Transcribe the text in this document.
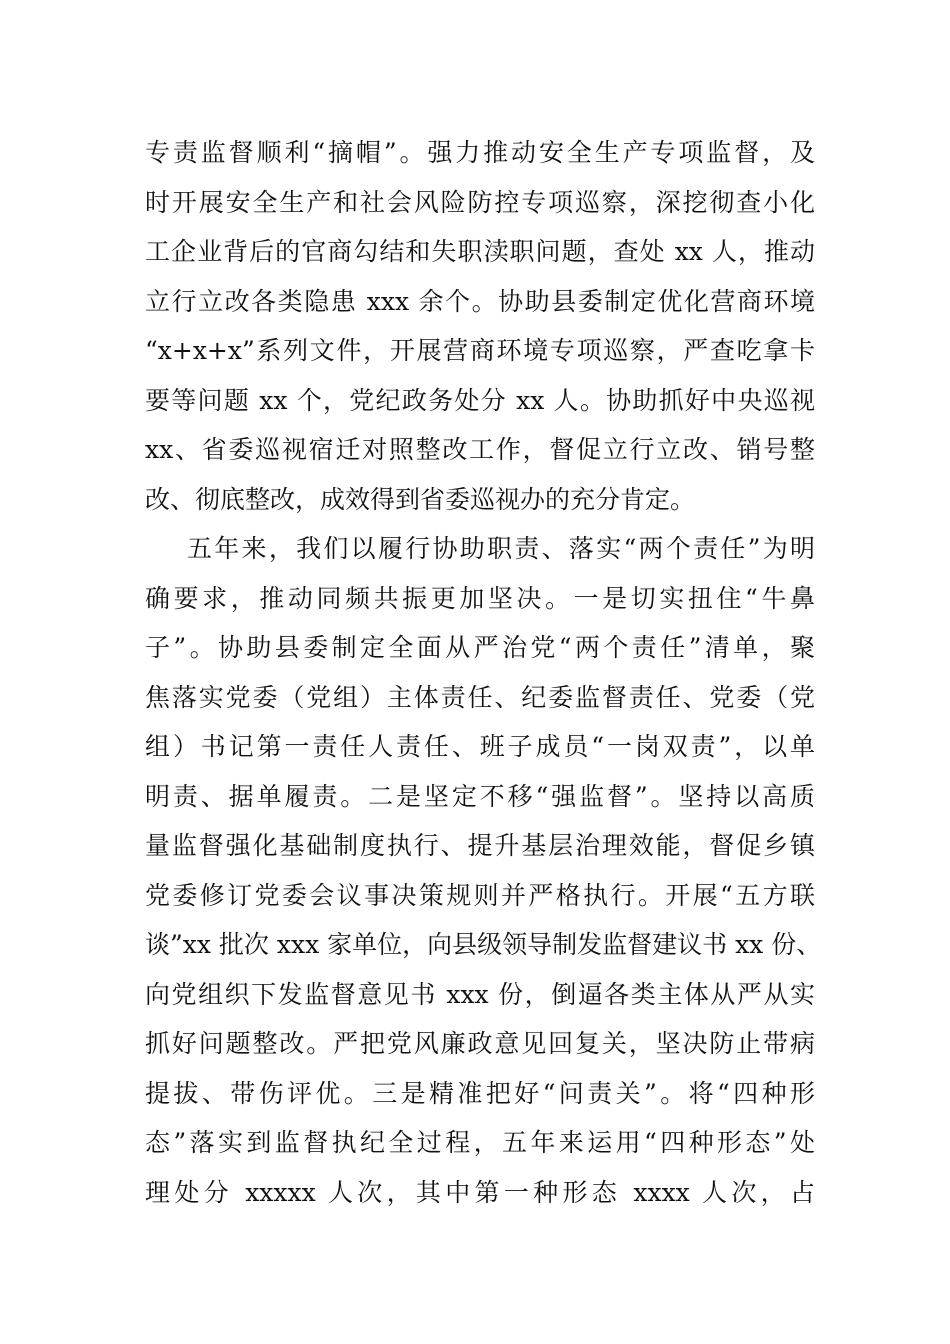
专责监督顺利“摘帽”。强力推动安全生产专项监督，及
时开展安全生产和社会风险防控专项巡察，深挖彻查小化
工企业背后的官商勾结和失职渎职问题，查处 xx 人，推动
立行立改各类隐患 xxx 余个。协助县委制定优化营商环境
“x+x+x”系列文件，开展营商环境专项巡察，严查吃拿卡
要等问题 xx 个，党纪政务处分 xx 人。协助抓好中央巡视
xx、省委巡视宿迁对照整改工作，督促立行立改、销号整
改、彻底整改，成效得到省委巡视办的充分肯定。
五年来，我们以履行协助职责、落实“两个责任”为明
确要求，推动同频共振更加坚决。一是切实扭住“牛鼻
子”。协助县委制定全面从严治党“两个责任”清单，聚
焦落实党委（党组）主体责任、纪委监督责任、党委（党
组）书记第一责任人责任、班子成员“一岗双责”，以单
明责、据单履责。二是坚定不移“强监督”。坚持以高质
量监督强化基础制度执行、提升基层治理效能，督促乡镇
党委修订党委会议事决策规则并严格执行。开展“五方联
谈”xx 批次 xxx 家单位，向县级领导制发监督建议书 xx 份、
向党组织下发监督意见书 xxx 份，倒逼各类主体从严从实
抓好问题整改。严把党风廉政意见回复关，坚决防止带病
提拔、带伤评优。三是精准把好“问责关”。将“四种形
态”落实到监督执纪全过程，五年来运用“四种形态”处
理处分 xxxxx 人次，其中第一种形态 xxxx 人次，占
